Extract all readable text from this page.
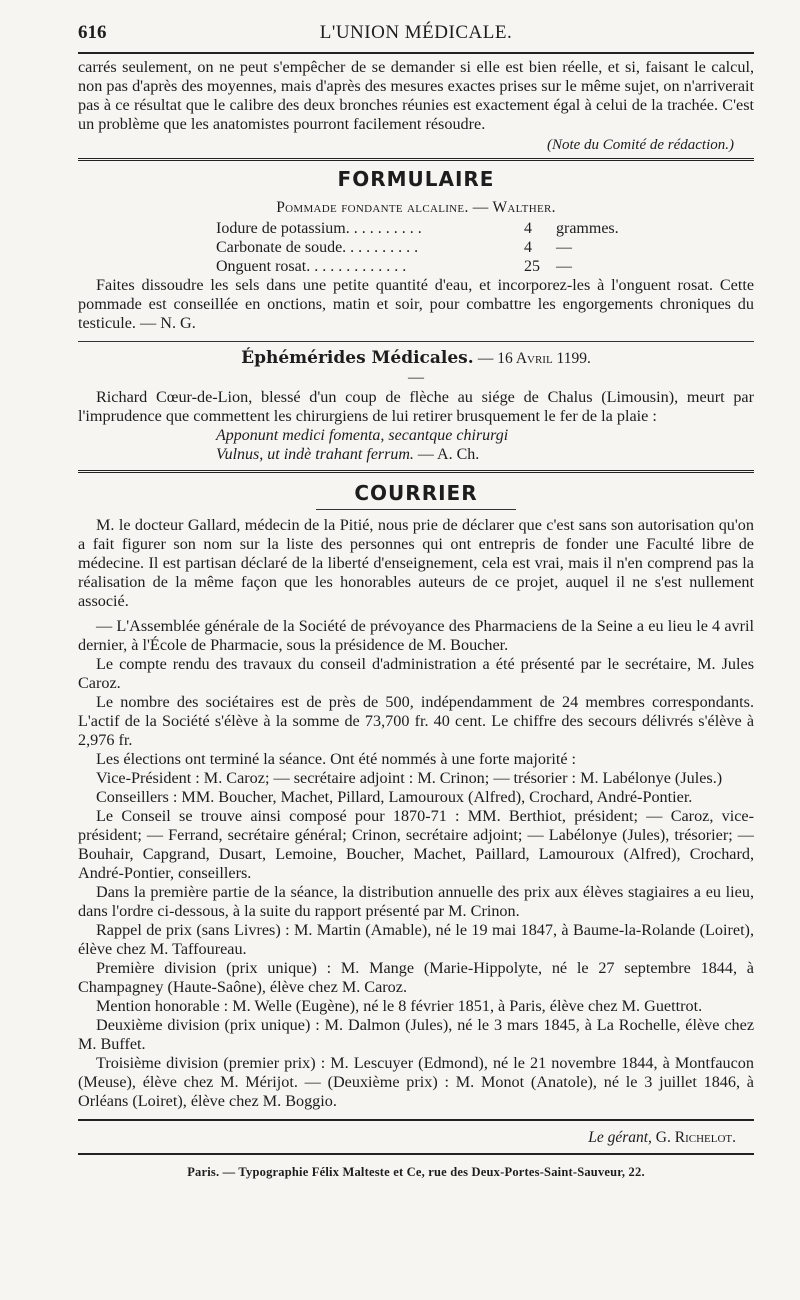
616	L'UNION MÉDICALE.

carrés seulement, on ne peut s'empêcher de se demander si elle est bien réelle, et si, faisant le calcul, non pas d'après des moyennes, mais d'après des mesures exactes prises sur le même sujet, on n'arriverait pas à ce résultat que le calibre des deux bronches réunies est exactement égal à celui de la trachée. C'est un problème que les anatomistes pourront facilement résoudre.

(Note du Comité de rédaction.)
FORMULAIRE
Pommade fondante alcaline. — Walther.
Iodure de potassium. . . . . . . . . .	4	grammes.
Carbonate de soude. . . . . . . . . .	4	—
Onguent rosat. . . . . . . . . . . . .	25	—

Faites dissoudre les sels dans une petite quantité d'eau, et incorporez-les à l'onguent rosat. Cette pommade est conseillée en onctions, matin et soir, pour combattre les engorgements chroniques du testicule. — N. G.

Éphémérides Médicales. — 16 Avril 1199.
—

Richard Cœur-de-Lion, blessé d'un coup de flèche au siége de Chalus (Limousin), meurt par l'imprudence que commettent les chirurgiens de lui retirer brusquement le fer de la plaie :

Apponunt medici fomenta, secantque chirurgi
Vulnus, ut indè trahant ferrum. — A. Ch.
COURRIER

M. le docteur Gallard, médecin de la Pitié, nous prie de déclarer que c'est sans son autorisation qu'on a fait figurer son nom sur la liste des personnes qui ont entrepris de fonder une Faculté libre de médecine. Il est partisan déclaré de la liberté d'enseignement, cela est vrai, mais il n'en comprend pas la réalisation de la même façon que les honorables auteurs de ce projet, auquel il ne s'est nullement associé.

— L'Assemblée générale de la Société de prévoyance des Pharmaciens de la Seine a eu lieu le 4 avril dernier, à l'École de Pharmacie, sous la présidence de M. Boucher.

Le compte rendu des travaux du conseil d'administration a été présenté par le secrétaire, M. Jules Caroz.

Le nombre des sociétaires est de près de 500, indépendamment de 24 membres correspondants. L'actif de la Société s'élève à la somme de 73,700 fr. 40 cent. Le chiffre des secours délivrés s'élève à 2,976 fr.

Les élections ont terminé la séance. Ont été nommés à une forte majorité :

Vice-Président : M. Caroz; — secrétaire adjoint : M. Crinon; — trésorier : M. Labélonye (Jules.)

Conseillers : MM. Boucher, Machet, Pillard, Lamouroux (Alfred), Crochard, André-Pontier.

Le Conseil se trouve ainsi composé pour 1870-71 : MM. Berthiot, président; — Caroz, vice-président; — Ferrand, secrétaire général; Crinon, secrétaire adjoint; — Labélonye (Jules), trésorier; — Bouhair, Capgrand, Dusart, Lemoine, Boucher, Machet, Paillard, Lamouroux (Alfred), Crochard, André-Pontier, conseillers.

Dans la première partie de la séance, la distribution annuelle des prix aux élèves stagiaires a eu lieu, dans l'ordre ci-dessous, à la suite du rapport présenté par M. Crinon.

Rappel de prix (sans Livres) : M. Martin (Amable), né le 19 mai 1847, à Baume-la-Rolande (Loiret), élève chez M. Taffoureau.

Première division (prix unique) : M. Mange (Marie-Hippolyte, né le 27 septembre 1844, à Champagney (Haute-Saône), élève chez M. Caroz.

Mention honorable : M. Welle (Eugène), né le 8 février 1851, à Paris, élève chez M. Guettrot.

Deuxième division (prix unique) : M. Dalmon (Jules), né le 3 mars 1845, à La Rochelle, élève chez M. Buffet.

Troisième division (premier prix) : M. Lescuyer (Edmond), né le 21 novembre 1844, à Montfaucon (Meuse), élève chez M. Mérijot. — (Deuxième prix) : M. Monot (Anatole), né le 3 juillet 1846, à Orléans (Loiret), élève chez M. Boggio.

Le gérant, G. Richelot.
Paris. — Typographie Félix Malteste et Ce, rue des Deux-Portes-Saint-Sauveur, 22.
